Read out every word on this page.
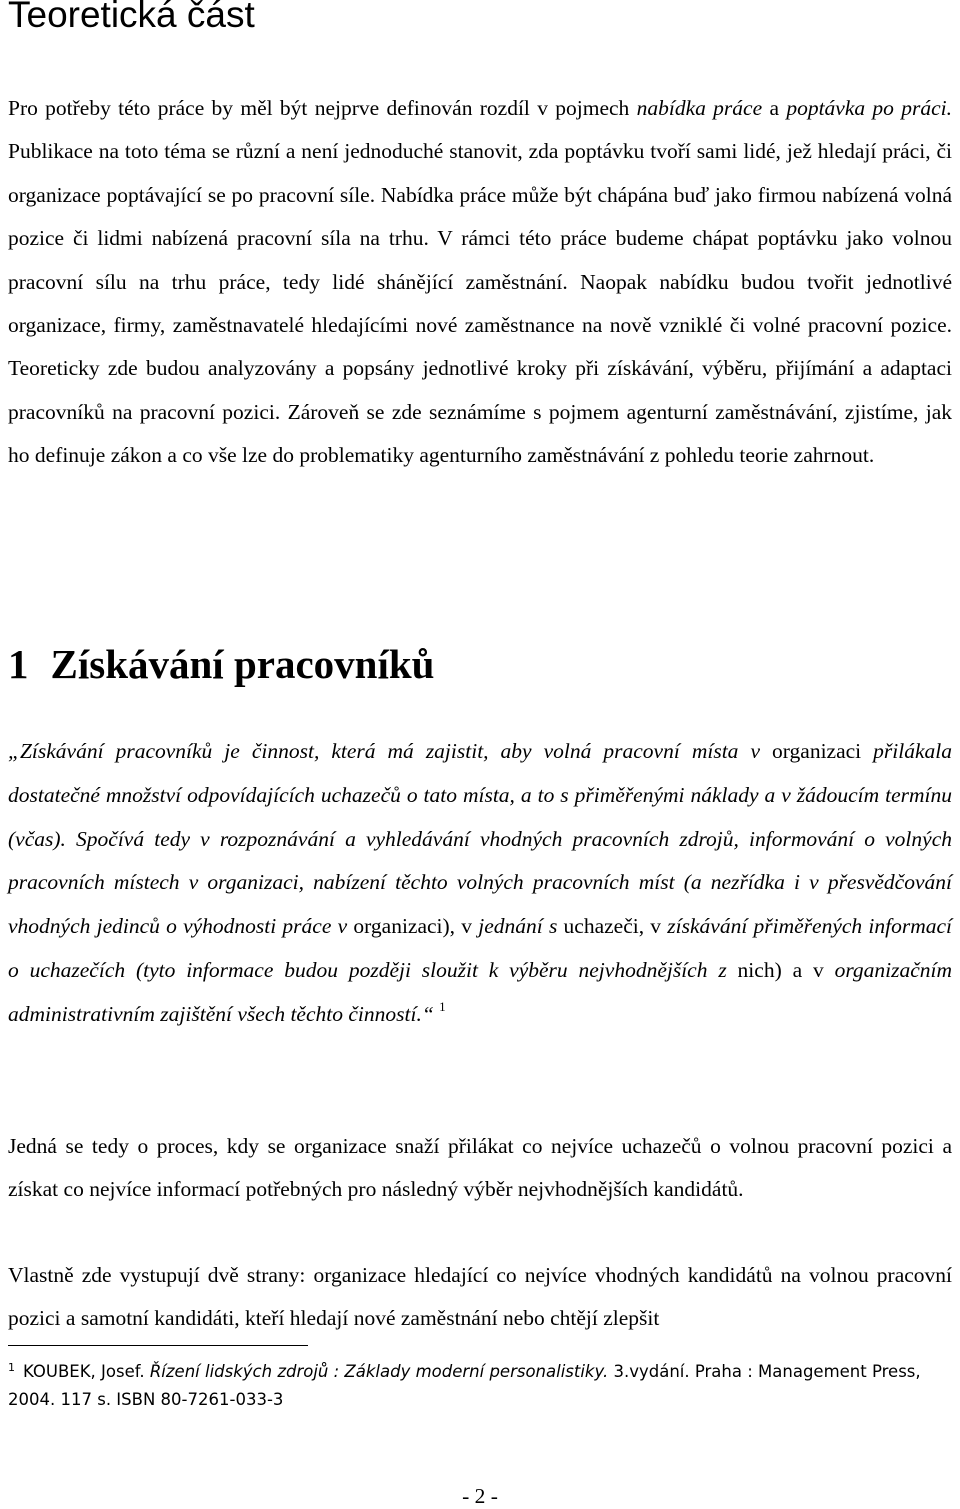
Teoretická část

Pro potřeby této práce by měl být nejprve definován rozdíl v pojmech nabídka práce a poptávka po práci. Publikace na toto téma se různí a není jednoduché stanovit, zda poptávku tvoří sami lidé, jež hledají práci, či organizace poptávající se po pracovní síle. Nabídka práce může být chápána buď jako firmou nabízená volná pozice či lidmi nabízená pracovní síla na trhu. V rámci této práce budeme chápat poptávku jako volnou pracovní sílu na trhu práce, tedy lidé shánějící zaměstnání. Naopak nabídku budou tvořit jednotlivé organizace, firmy, zaměstnavatelé hledajícími nové zaměstnance na nově vzniklé či volné pracovní pozice. Teoreticky zde budou analyzovány a popsány jednotlivé kroky při získávání, výběru, přijímání a adaptaci pracovníků na pracovní pozici. Zároveň se zde seznámíme s pojmem agenturní zaměstnávání, zjistíme, jak ho definuje zákon a co vše lze do problematiky agenturního zaměstnávání z pohledu teorie zahrnout.

1 Získávání pracovníků

„Získávání pracovníků je činnost, která má zajistit, aby volná pracovní místa v organizaci přilákala dostatečné množství odpovídajících uchazečů o tato místa, a to s přiměřenými náklady a v žádoucím termínu (včas). Spočívá tedy v rozpoznávání a vyhledávání vhodných pracovních zdrojů, informování o volných pracovních místech v organizaci, nabízení těchto volných pracovních míst (a nezřídka i v přesvědčování vhodných jedinců o výhodnosti práce v organizaci), v jednání s uchazeči, v získávání přiměřených informací o uchazečích (tyto informace budou později sloužit k výběru nejvhodnějších z nich) a v organizačním administrativním zajištění všech těchto činností.“ $^1$

Jedná se tedy o proces, kdy se organizace snaží přilákat co nejvíce uchazečů o volnou pracovní pozici a získat co nejvíce informací potřebných pro následný výběr nejvhodnějších kandidátů.

Vlastně zde vystupují dvě strany: organizace hledající co nejvíce vhodných kandidátů na volnou pracovní pozici a samotní kandidáti, kteří hledají nové zaměstnání nebo chtějí zlepšit

$^1$ KOUBEK, Josef. Řízení lidských zdrojů : Základy moderní personalistiky. 3.vydání. Praha : Management Press, 2004. 117 s. ISBN 80-7261-033-3

- 2 -
